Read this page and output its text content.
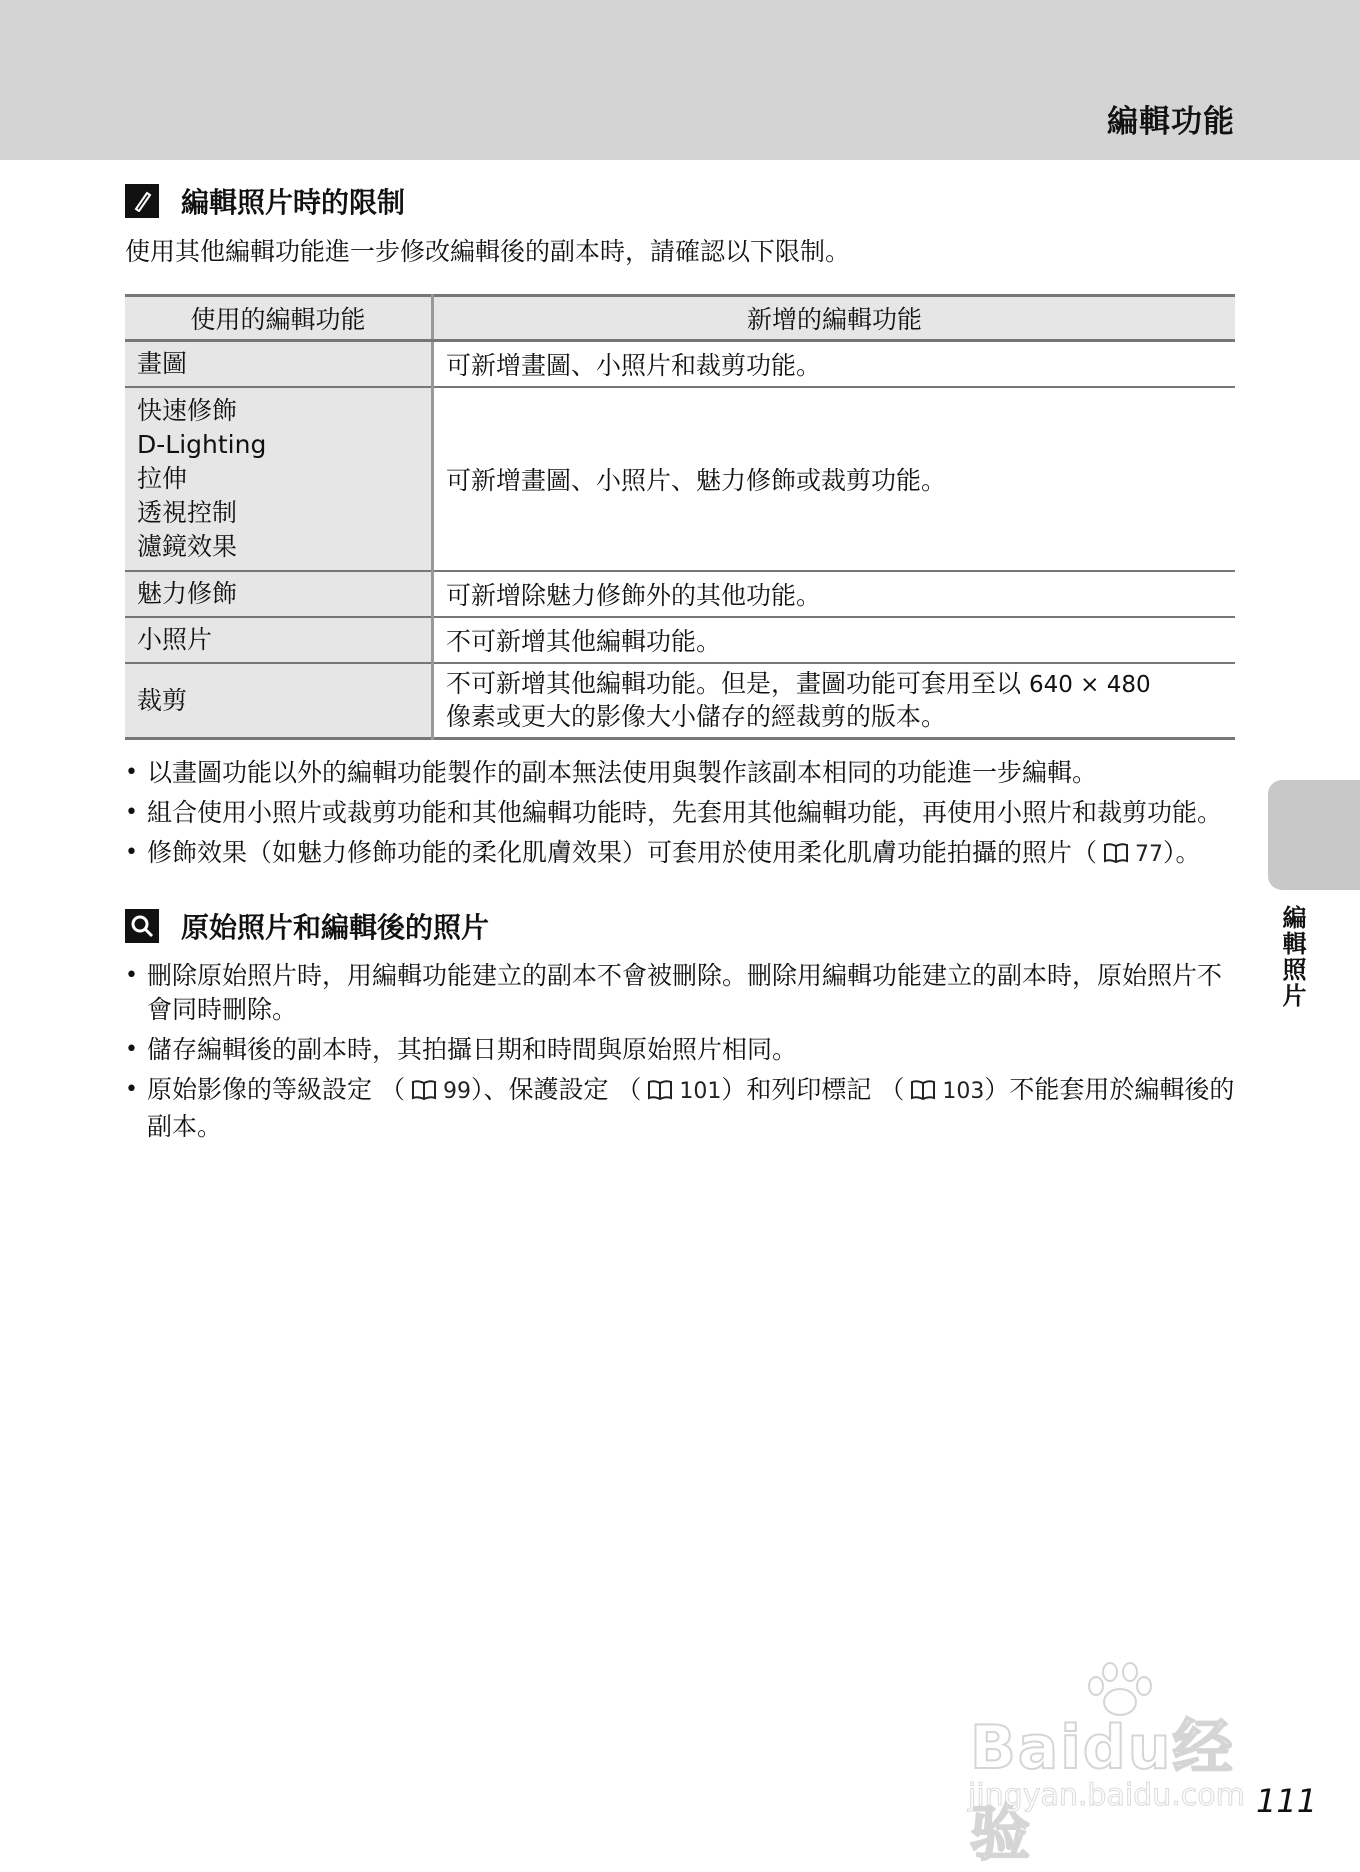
編輯功能
編輯照片時的限制
使用其他編輯功能進一步修改編輯後的副本時，請確認以下限制。
使用的編輯功能	新增的編輯功能

畫圖	可新增畫圖、小照片和裁剪功能。

快速修飾
D-Lighting
拉伸
透視控制
濾鏡效果	可新增畫圖、小照片、魅力修飾或裁剪功能。

魅力修飾	可新增除魅力修飾外的其他功能。

小照片	不可新增其他編輯功能。

裁剪	不可新增其他編輯功能。但是，畫圖功能可套用至以 640 × 480
像素或更大的影像大小儲存的經裁剪的版本。
• 以畫圖功能以外的編輯功能製作的副本無法使用與製作該副本相同的功能進一步編輯。
• 組合使用小照片或裁剪功能和其他編輯功能時，先套用其他編輯功能，再使用小照片和裁剪功能。
• 修飾效果（如魅力修飾功能的柔化肌膚效果）可套用於使用柔化肌膚功能拍攝的照片（ 77）。
原始照片和編輯後的照片
• 刪除原始照片時，用編輯功能建立的副本不會被刪除。刪除用編輯功能建立的副本時，原始照片不會同時刪除。
• 儲存編輯後的副本時，其拍攝日期和時間與原始照片相同。
• 原始影像的等級設定 （ 99）、保護設定 （ 101）和列印標記 （ 103）不能套用於編輯後的副本。
編輯照片
Baidu经验
jingyan.baidu.com 111
